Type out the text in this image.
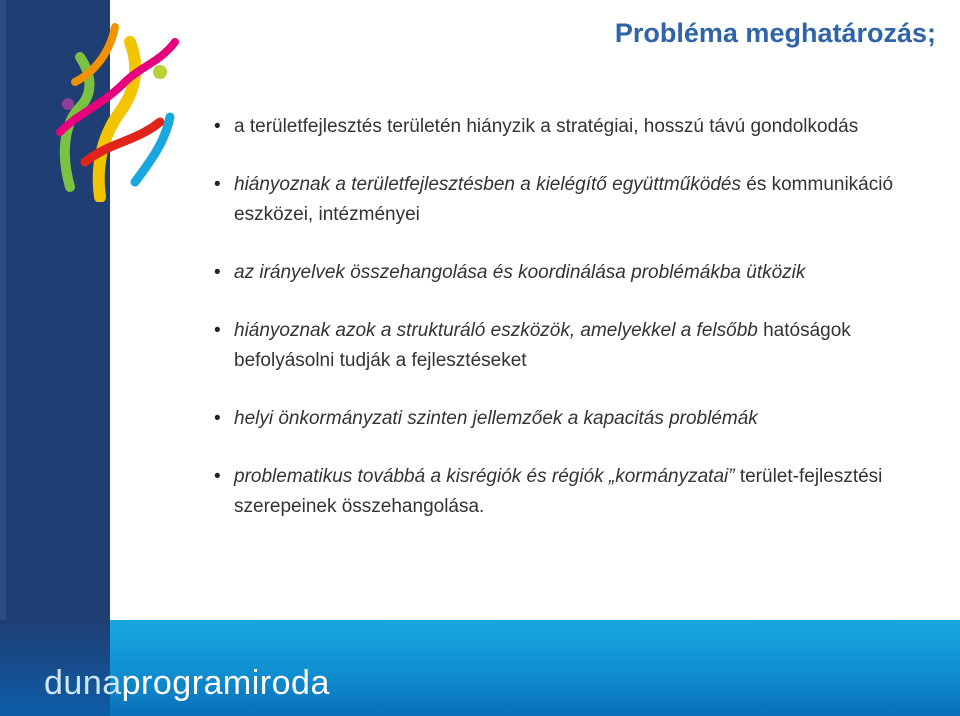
Probléma meghatározás;
• a területfejlesztés területén hiányzik a stratégiai, hosszú távú gondolkodás
• hiányoznak a területfejlesztésben a kielégítő együttműködés és kommunikáció eszközei, intézményei
• az irányelvek összehangolása és koordinálása problémákba ütközik
• hiányoznak azok a strukturáló eszközök, amelyekkel a felsőbb hatóságok befolyásolni tudják a fejlesztéseket
• helyi önkormányzati szinten jellemzőek a kapacitás problémák
• problematikus továbbá a kisrégiók és régiók „kormányzatai” terület-fejlesztési szerepeinek összehangolása.
dunaprogramiroda
